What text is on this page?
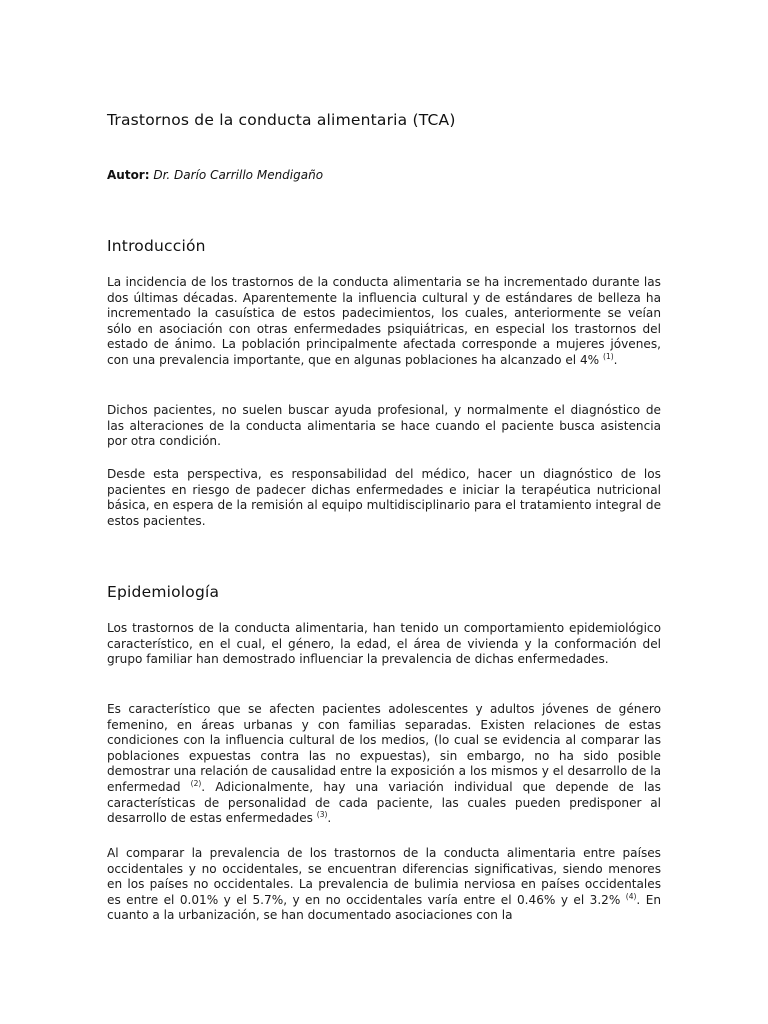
Trastornos de la conducta alimentaria (TCA)

Autor: Dr. Darío Carrillo Mendigaño

Introducción

La incidencia de los trastornos de la conducta alimentaria se ha incrementado durante las dos últimas décadas. Aparentemente la influencia cultural y de estándares de belleza ha incrementado la casuística de estos padecimientos, los cuales, anteriormente se veían sólo en asociación con otras enfermedades psiquiátricas, en especial los trastornos del estado de ánimo. La población principalmente afectada corresponde a mujeres jóvenes, con una prevalencia importante, que en algunas poblaciones ha alcanzado el 4% $^{(1)}$.

Dichos pacientes, no suelen buscar ayuda profesional, y normalmente el diagnóstico de las alteraciones de la conducta alimentaria se hace cuando el paciente busca asistencia por otra condición.

Desde esta perspectiva, es responsabilidad del médico, hacer un diagnóstico de los pacientes en riesgo de padecer dichas enfermedades e iniciar la terapéutica nutricional básica, en espera de la remisión al equipo multidisciplinario para el tratamiento integral de estos pacientes.

Epidemiología

Los trastornos de la conducta alimentaria, han tenido un comportamiento epidemiológico característico, en el cual, el género, la edad, el área de vivienda y la conformación del grupo familiar han demostrado influenciar la prevalencia de dichas enfermedades.

Es característico que se afecten pacientes adolescentes y adultos jóvenes de género femenino, en áreas urbanas y con familias separadas. Existen relaciones de estas condiciones con la influencia cultural de los medios, (lo cual se evidencia al comparar las poblaciones expuestas contra las no expuestas), sin embargo, no ha sido posible demostrar una relación de causalidad entre la exposición a los mismos y el desarrollo de la enfermedad $^{(2)}$. Adicionalmente, hay una variación individual que depende de las características de personalidad de cada paciente, las cuales pueden predisponer al desarrollo de estas enfermedades $^{(3)}$.

Al comparar la prevalencia de los trastornos de la conducta alimentaria entre países occidentales y no occidentales, se encuentran diferencias significativas, siendo menores en los países no occidentales. La prevalencia de bulimia nerviosa en países occidentales es entre el 0.01% y el 5.7%, y en no occidentales varía entre el 0.46% y el 3.2% $^{(4)}$. En cuanto a la urbanización, se han documentado asociaciones con la
